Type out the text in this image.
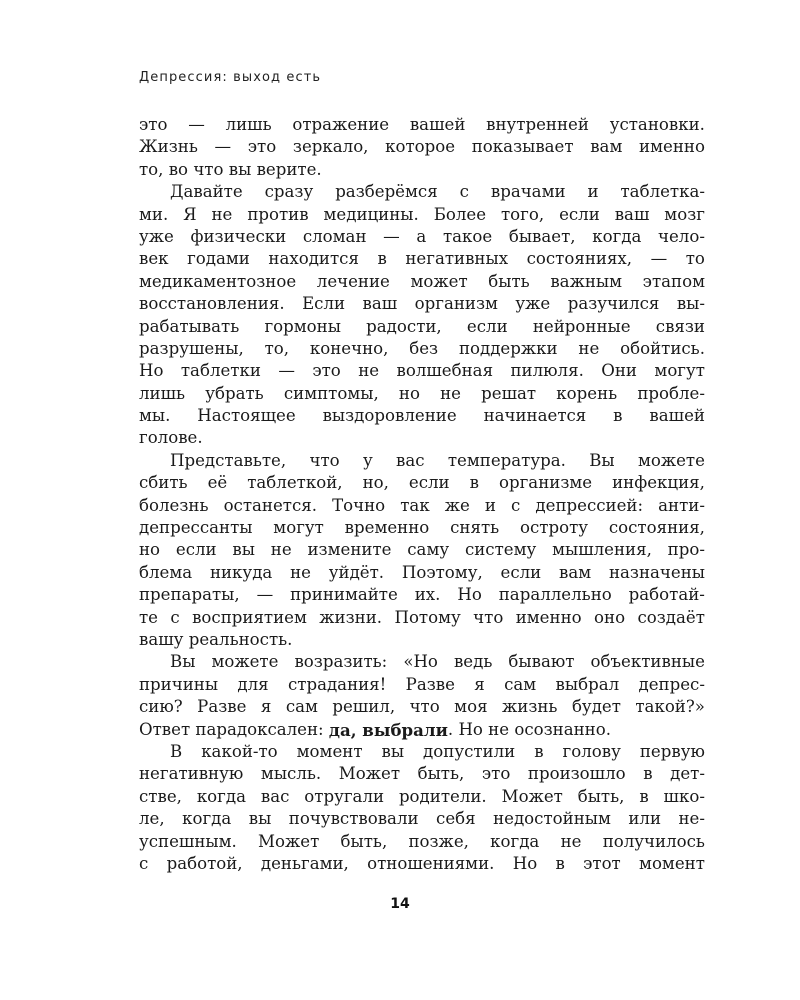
Депрессия: выход есть
это — лишь отражение вашей внутренней установки.
Жизнь — это зеркало, которое показывает вам именно
то, во что вы верите.
Давайте сразу разберёмся с врачами и таблетка-
ми. Я не против медицины. Более того, если ваш мозг
уже физически сломан — а такое бывает, когда чело-
век годами находится в негативных состояниях, — то
медикаментозное лечение может быть важным этапом
восстановления. Если ваш организм уже разучился вы-
рабатывать гормоны радости, если нейронные связи
разрушены, то, конечно, без поддержки не обойтись.
Но таблетки — это не волшебная пилюля. Они могут
лишь убрать симптомы, но не решат корень пробле-
мы. Настоящее выздоровление начинается в вашей
голове.
Представьте, что у вас температура. Вы можете
сбить её таблеткой, но, если в организме инфекция,
болезнь останется. Точно так же и с депрессией: анти-
депрессанты могут временно снять остроту состояния,
но если вы не измените саму систему мышления, про-
блема никуда не уйдёт. Поэтому, если вам назначены
препараты, — принимайте их. Но параллельно работай-
те с восприятием жизни. Потому что именно оно создаёт
вашу реальность.
Вы можете возразить: «Но ведь бывают объективные
причины для страдания! Разве я сам выбрал депрес-
сию? Разве я сам решил, что моя жизнь будет такой?»
Ответ парадоксален: да, выбрали . Но не осознанно.
В какой-то момент вы допустили в голову первую
негативную мысль. Может быть, это произошло в дет-
стве, когда вас отругали родители. Может быть, в шко-
ле, когда вы почувствовали себя недостойным или не-
успешным. Может быть, позже, когда не получилось
с работой, деньгами, отношениями. Но в этот момент
14
